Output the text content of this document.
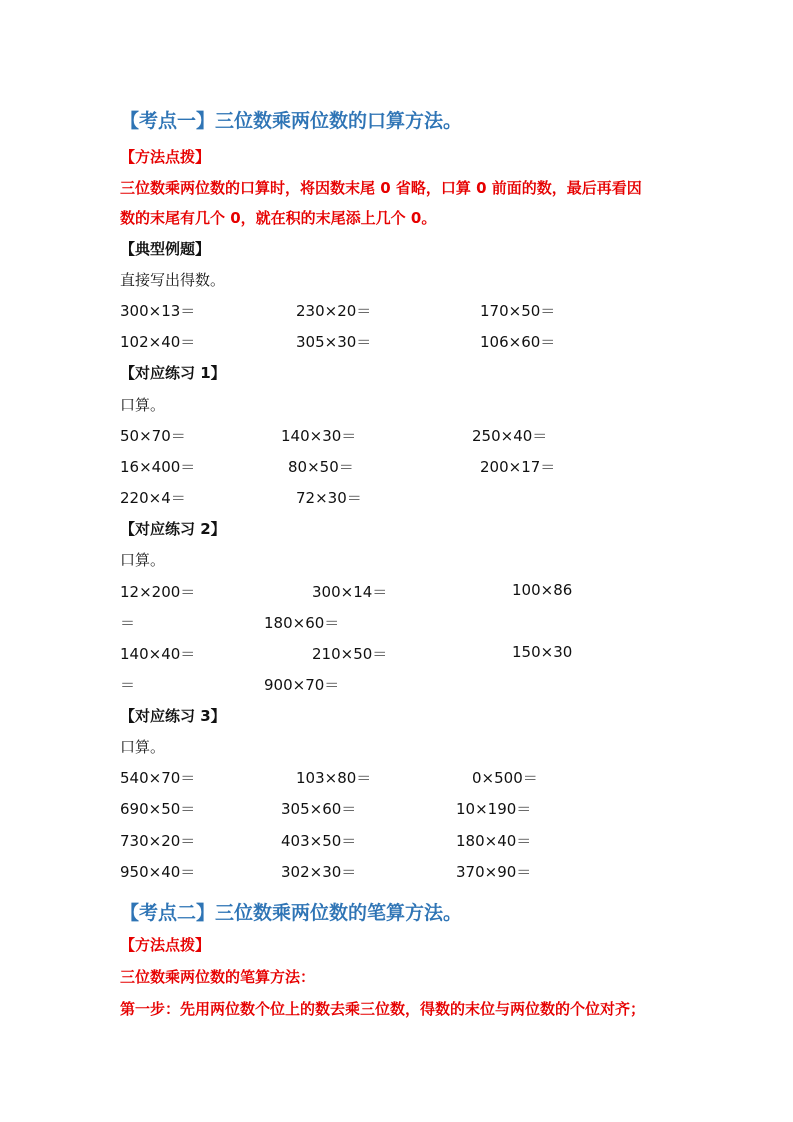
【考点一】三位数乘两位数的口算方法。
【方法点拨】
三位数乘两位数的口算时，将因数末尾 0 省略，口算 0 前面的数，最后再看因
数的末尾有几个 0，就在积的末尾添上几个 0。
【典型例题】
直接写出得数。
300×13＝	230×20＝	170×50＝
102×40＝	305×30＝	106×60＝
【对应练习 1】
口算。
50×70＝	140×30＝	250×40＝
16×400＝	80×50＝	200×17＝
220×4＝	72×30＝
【对应练习 2】
口算。
12×200＝	300×14＝	100×86
＝	180×60＝
140×40＝	210×50＝	150×30
＝	900×70＝
【对应练习 3】
口算。
540×70＝	103×80＝	0×500＝
690×50＝	305×60＝	10×190＝
730×20＝	403×50＝	180×40＝
950×40＝	302×30＝	370×90＝
【考点二】三位数乘两位数的笔算方法。
【方法点拨】
三位数乘两位数的笔算方法：
第一步：先用两位数个位上的数去乘三位数，得数的末位与两位数的个位对齐；
